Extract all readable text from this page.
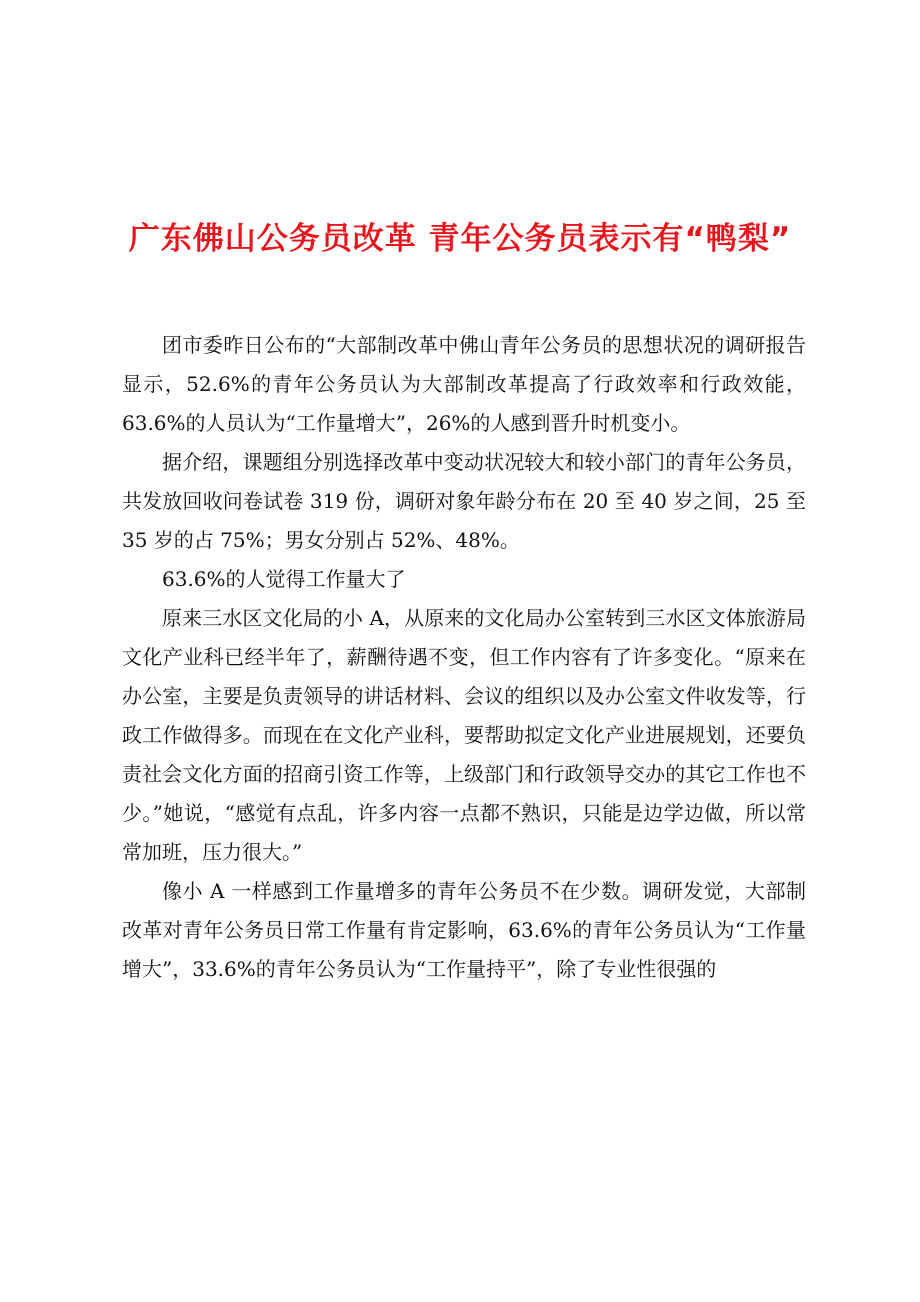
广东佛山公务员改革 青年公务员表示有“鸭梨”

团市委昨日公布的“大部制改革中佛山青年公务员的思想状况的调研报告显示，52.6%的青年公务员认为大部制改革提高了行政效率和行政效能，63.6%的人员认为“工作量增大”，26%的人感到晋升时机变小。

据介绍，课题组分别选择改革中变动状况较大和较小部门的青年公务员，共发放回收问卷试卷 319 份，调研对象年龄分布在 20 至 40 岁之间，25 至 35 岁的占 75%；男女分别占 52%、48%。

63.6%的人觉得工作量大了

原来三水区文化局的小 A，从原来的文化局办公室转到三水区文体旅游局文化产业科已经半年了，薪酬待遇不变，但工作内容有了许多变化。“原来在办公室，主要是负责领导的讲话材料、会议的组织以及办公室文件收发等，行政工作做得多。而现在在文化产业科，要帮助拟定文化产业进展规划，还要负责社会文化方面的招商引资工作等，上级部门和行政领导交办的其它工作也不少。”她说，“感觉有点乱，许多内容一点都不熟识，只能是边学边做，所以常常加班，压力很大。”

像小 A 一样感到工作量增多的青年公务员不在少数。调研发觉，大部制改革对青年公务员日常工作量有肯定影响，63.6%的青年公务员认为“工作量增大”，33.6%的青年公务员认为“工作量持平”，除了专业性很强的
